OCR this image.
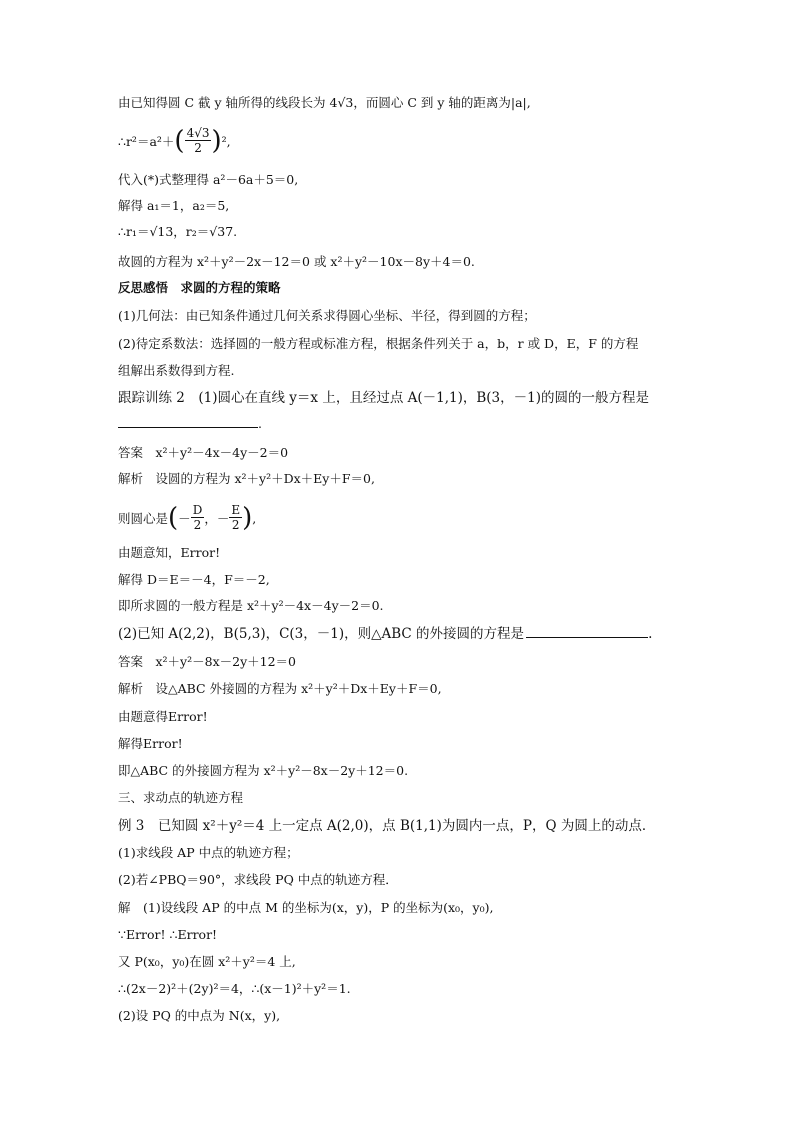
由已知得圆 C 截 y 轴所得的线段长为 4√3，而圆心 C 到 y 轴的距离为|a|,
∴r²＝a²＋( $\frac{4√3}{2} )^2$,
代入(*)式整理得 a²－6a＋5＝0,
解得 a₁＝1，a₂＝5,
∴r₁＝√13，r₂＝√37.
故圆的方程为 x²＋y²－2x－12＝0 或 x²＋y²－10x－8y＋4＝0.
反思感悟　求圆的方程的策略
(1)几何法：由已知条件通过几何关系求得圆心坐标、半径，得到圆的方程；
(2)待定系数法：选择圆的一般方程或标准方程，根据条件列关于 a，b，r 或 D，E，F 的方程
组解出系数得到方程.
跟踪训练 2　(1)圆心在直线 y＝x 上，且经过点 A(－1,1)，B(3，－1)的圆的一般方程是
.
答案　x²＋y²－4x－4y－2＝0
解析　设圆的方程为 x²＋y²＋Dx＋Ey＋F＝0,
则圆心是(－ $\frac{D}{2}$ ，－ $\frac{E}{2}$ ),
由题意知，Error!
解得 D＝E＝－4，F＝－2,
即所求圆的一般方程是 x²＋y²－4x－4y－2＝0.
(2)已知 A(2,2)，B(5,3)，C(3，－1)，则△ABC 的外接圆的方程是	.
答案　x²＋y²－8x－2y＋12＝0
解析　设△ABC 外接圆的方程为 x²＋y²＋Dx＋Ey＋F＝0,
由题意得Error!
解得Error!
即△ABC 的外接圆方程为 x²＋y²－8x－2y＋12＝0.
三、求动点的轨迹方程
例 3　已知圆 x²＋y²＝4 上一定点 A(2,0)，点 B(1,1)为圆内一点，P，Q 为圆上的动点．
(1)求线段 AP 中点的轨迹方程；
(2)若∠PBQ＝90°，求线段 PQ 中点的轨迹方程．
解　(1)设线段 AP 的中点 M 的坐标为(x，y)，P 的坐标为(x₀，y₀),
∵Error! ∴Error!
又 P(x₀，y₀)在圆 x²＋y²＝4 上,
∴(2x－2)²＋(2y)²＝4，∴(x－1)²＋y²＝1.
(2)设 PQ 的中点为 N(x，y),
